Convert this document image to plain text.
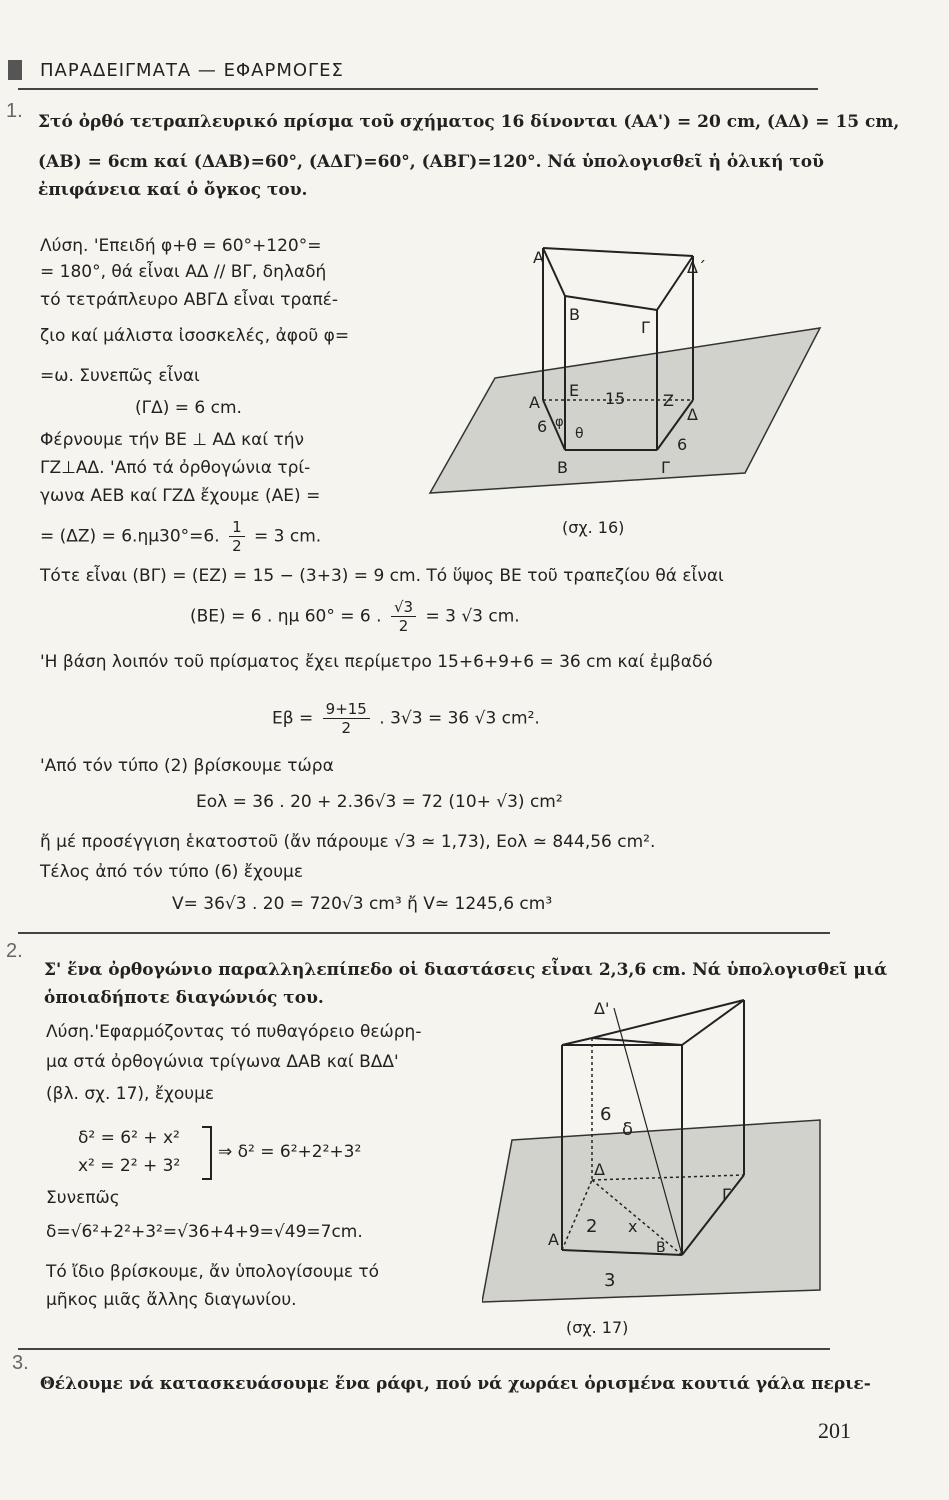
ΠΑΡΑΔΕΙΓΜΑΤΑ — ΕΦΑΡΜΟΓΕΣ
1. Στό ὀρθό τετραπλευρικό πρίσμα τοῦ σχήματος 16 δίνονται (ΑΑ') = 20 cm, (ΑΔ) = 15 cm,
(ΑΒ) = 6cm καί (ΔΑΒ)=60°, (ΑΔΓ)=60°, (ΑΒΓ)=120°. Νά ὑπολογισθεῖ ἡ ὁλική τοῦ
ἐπιφάνεια καί ὁ ὄγκος του.
Λύση. 'Επειδή φ+θ = 60°+120°=
= 180°, θά εἶναι ΑΔ // ΒΓ, δηλαδή
τό τετράπλευρο ΑΒΓΔ εἶναι τραπέ-
ζιο καί μάλιστα ἰσοσκελές, ἀφοῦ φ=
=ω. Συνεπῶς εἶναι
(ΓΔ) = 6 cm.
Φέρνουμε τήν ΒΕ ⊥ ΑΔ καί τήν
ΓΖ⊥ΑΔ. 'Από τά ὀρθογώνια τρί-
γωνα ΑΕΒ καί ΓΖΔ ἔχουμε (ΑΕ) =
= (ΔΖ) = 6.ημ30°=6. $\frac{1}{2} = 3$ cm.	(σχ. 16)
Τότε εἶναι (ΒΓ) = (ΕΖ) = 15 − (3+3) = 9 cm. Τό ὕψος ΒΕ τοῦ τραπεζίου θά εἶναι
(ΒΕ) = 6 . ημ 60° = 6 . $\frac{√3}{2} = 3$ √3 cm.
'Η βάση λοιπόν τοῦ πρίσματος ἔχει περίμετρο 15+6+9+6 = 36 cm καί ἐμβαδό
$E\beta = \frac{9+15}{2}$ . 3√3 = 36 √3 cm².
'Από τόν τύπο (2) βρίσκουμε τώρα
Εολ = 36 . 20 + 2.36√3 = 72 (10+ √3) cm²
ἤ μέ προσέγγιση ἑκατοστοῦ (ἄν πάρουμε √3 ≃ 1,73), Εολ ≃ 844,56 cm².
Τέλος ἀπό τόν τύπο (6) ἔχουμε
V= 36√3 . 20 = 720√3 cm³ ἤ V≃ 1245,6 cm³
Α
Δ΄
Β
Γ
Α
Ε 15 Ζ
Δ
6 θ
φ
6
Β	Γ
2.
Σ' ἕνα ὀρθογώνιο παραλληλεπίπεδο οἱ διαστάσεις εἶναι 2,3,6 cm. Νά ὑπολογισθεῖ μιά
ὁποιαδήποτε διαγώνιός του.
Λύση.'Εφαρμόζοντας τό πυθαγόρειο θεώρη-
μα στά ὀρθογώνια τρίγωνα ΔΑΒ καί ΒΔΔ'
(βλ. σχ. 17), ἔχουμε
δ² = 6² + x²
x² = 2² + 3²
⇒ δ² = 6²+2²+3²
Συνεπῶς
δ=√6²+2²+3²=√36+4+9=√49=7cm.
Τό ἴδιο βρίσκουμε, ἄν ὑπολογίσουμε τό
μῆκος μιᾶς ἄλλης διαγωνίου.
Δ'
6
δ
Δ
Γ
Α
2 x
Β
3
(σχ. 17)
3.
Θέλουμε νά κατασκευάσουμε ἕνα ράφι, πού νά χωράει ὁρισμένα κουτιά γάλα περιε-
201
